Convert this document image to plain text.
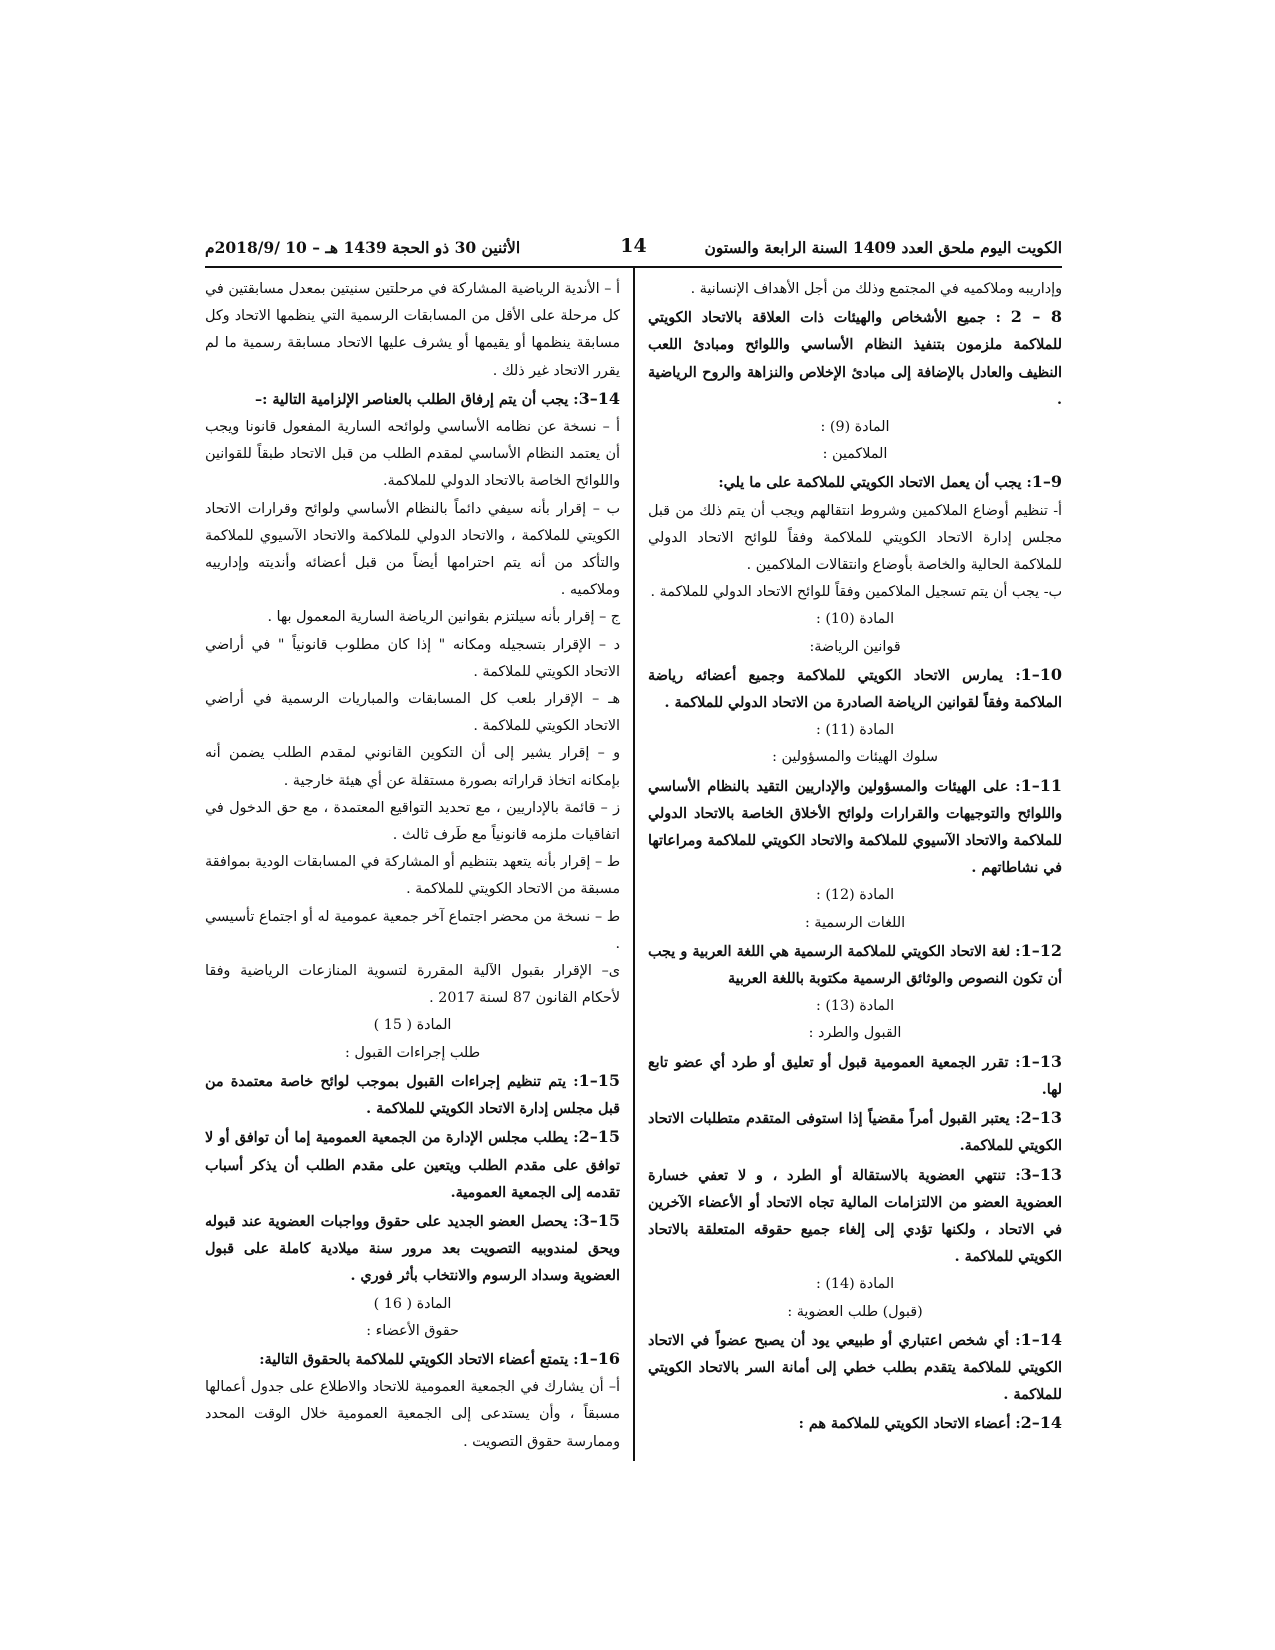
الكويت اليوم ملحق العدد 1409 السنة الرابعة والستون
14
الأثنين 30 ذو الحجة 1439 هـ – 10 /2018/9م
وإداريبه وملاكميه في المجتمع وذلك من أجل الأهداف الإنسانية .
8 – 2 : جميع الأشخاص والهيئات ذات العلاقة بالاتحاد الكويتي للملاكمة ملزمون بتنفيذ النظام الأساسي واللوائح ومبادئ اللعب النظيف والعادل بالإضافة إلى مبادئ الإخلاص والنزاهة والروح الرياضية .
المادة (9) :
الملاكمين :
9–1: يجب أن يعمل الاتحاد الكويتي للملاكمة على ما يلي:
أ- تنظيم أوضاع الملاكمين وشروط انتقالهم ويجب أن يتم ذلك من قبل مجلس إدارة الاتحاد الكويتي للملاكمة وفقاً للوائح الاتحاد الدولي للملاكمة الحالية والخاصة بأوضاع وانتقالات الملاكمين .
ب- يجب أن يتم تسجيل الملاكمين وفقاً للوائح الاتحاد الدولي للملاكمة .
المادة (10) :
قوانين الرياضة:
10–1: يمارس الاتحاد الكويتي للملاكمة وجميع أعضائه رياضة الملاكمة وفقاً لقوانين الرياضة الصادرة من الاتحاد الدولي للملاكمة .
المادة (11) :
سلوك الهيئات والمسؤولين :
11–1: على الهيئات والمسؤولين والإداريين التقيد بالنظام الأساسي واللوائح والتوجيهات والقرارات ولوائح الأخلاق الخاصة بالاتحاد الدولي للملاكمة والاتحاد الآسيوي للملاكمة والاتحاد الكويتي للملاكمة ومراعاتها في نشاطاتهم .
المادة (12) :
اللغات الرسمية :
12–1: لغة الاتحاد الكويتي للملاكمة الرسمية هي اللغة العربية و يجب أن تكون النصوص والوثائق الرسمية مكتوبة باللغة العربية
المادة (13) :
القبول والطرد :
13–1: تقرر الجمعية العمومية قبول أو تعليق أو طرد أي عضو تابع لها.
13–2: يعتبر القبول أمراً مقضياً إذا استوفى المتقدم متطلبات الاتحاد الكويتي للملاكمة.
13–3: تنتهي العضوية بالاستقالة أو الطرد ، و لا تعفي خسارة العضوية العضو من الالتزامات المالية تجاه الاتحاد أو الأعضاء الآخرين في الاتحاد ، ولكنها تؤدي إلى إلغاء جميع حقوقه المتعلقة بالاتحاد الكويتي للملاكمة .
المادة (14) :
(قبول) طلب العضوية :
14–1: أي شخص اعتباري أو طبيعي يود أن يصبح عضواً في الاتحاد الكويتي للملاكمة يتقدم بطلب خطي إلى أمانة السر بالاتحاد الكويتي للملاكمة .
14–2: أعضاء الاتحاد الكويتي للملاكمة هم :
أ – الأندية الرياضية المشاركة في مرحلتين سنيتين بمعدل مسابقتين في كل مرحلة على الأقل من المسابقات الرسمية التي ينظمها الاتحاد وكل مسابقة ينظمها أو يقيمها أو يشرف عليها الاتحاد مسابقة رسمية ما لم يقرر الاتحاد غير ذلك .
14–3: يجب أن يتم إرفاق الطلب بالعناصر الإلزامية التالية :–
أ – نسخة عن نظامه الأساسي ولوائحه السارية المفعول قانونا ويجب أن يعتمد النظام الأساسي لمقدم الطلب من قبل الاتحاد طبقاً للقوانين واللوائح الخاصة بالاتحاد الدولي للملاكمة.
ب – إقرار بأنه سيفي دائماً بالنظام الأساسي ولوائح وقرارات الاتحاد الكويتي للملاكمة ، والاتحاد الدولي للملاكمة والاتحاد الآسيوي للملاكمة والتأكد من أنه يتم احترامها أيضاً من قبل أعضائه وأنديته وإدارييه وملاكميه .
ج – إقرار بأنه سيلتزم بقوانين الرياضة السارية المعمول بها .
د – الإقرار بتسجيله ومكانه " إذا كان مطلوب قانونياً " في أراضي الاتحاد الكويتي للملاكمة .
هـ – الإقرار بلعب كل المسابقات والمباريات الرسمية في أراضي الاتحاد الكويتي للملاكمة .
و – إقرار يشير إلى أن التكوين القانوني لمقدم الطلب يضمن أنه بإمكانه اتخاذ قراراته بصورة مستقلة عن أي هيئة خارجية .
ز – قائمة بالإداريين ، مع تحديد التواقيع المعتمدة ، مع حق الدخول في اتفاقيات ملزمه قانونياً مع طَرف ثالث .
ط – إقرار بأنه يتعهد بتنظيم أو المشاركة في المسابقات الودية بموافقة مسبقة من الاتحاد الكويتي للملاكمة .
ط – نسخة من محضر اجتماع آخر جمعية عمومية له أو اجتماع تأسيسي .
ى– الإقرار بقبول الآلية المقررة لتسوية المنازعات الرياضية وفقا لأحكام القانون 87 لسنة 2017 .
المادة ( 15 )
طلب إجراءات القبول :
15–1: يتم تنظيم إجراءات القبول بموجب لوائح خاصة معتمدة من قبل مجلس إدارة الاتحاد الكويتي للملاكمة .
15–2: يطلب مجلس الإدارة من الجمعية العمومية إما أن توافق أو لا توافق على مقدم الطلب ويتعين على مقدم الطلب أن يذكر أسباب تقدمه إلى الجمعية العمومية.
15–3: يحصل العضو الجديد على حقوق وواجبات العضوية عند قبوله ويحق لمندوبيه التصويت بعد مرور سنة ميلادية كاملة على قبول العضوية وسداد الرسوم والانتخاب بأثر فوري .
المادة ( 16 )
حقوق الأعضاء :
16–1: يتمتع أعضاء الاتحاد الكويتي للملاكمة بالحقوق التالية:
أ– أن يشارك في الجمعية العمومية للاتحاد والاطلاع على جدول أعمالها مسبقاً ، وأن يستدعى إلى الجمعية العمومية خلال الوقت المحدد وممارسة حقوق التصويت .
